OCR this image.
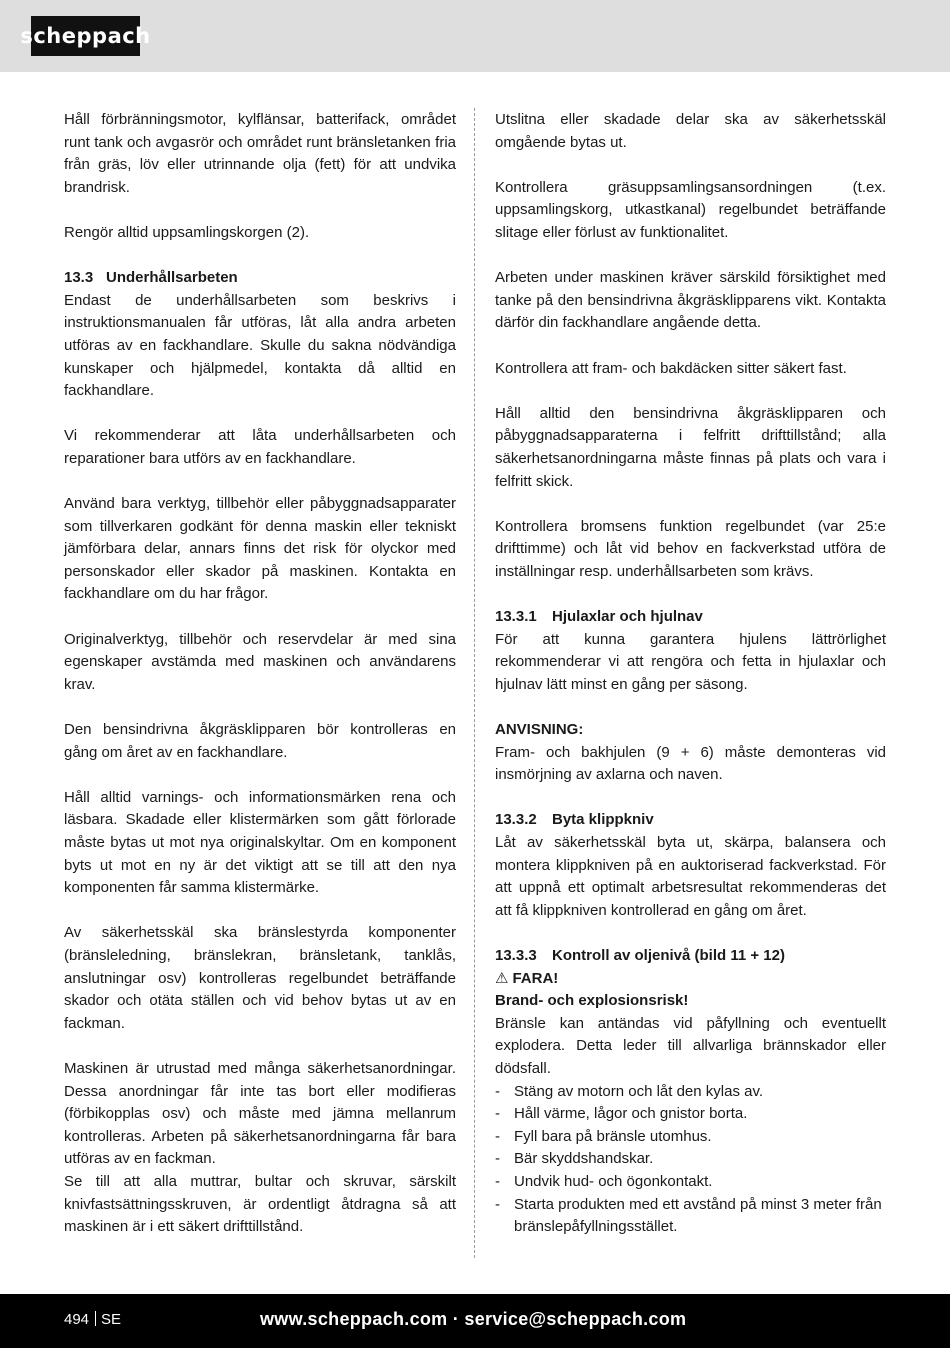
scheppach

Håll förbränningsmotor, kylflänsar, batterifack, området runt tank och avgasrör och området runt bränsletanken fria från gräs, löv eller utrinnande olja (fett) för att undvika brandrisk.

Rengör alltid uppsamlingskorgen (2).

13.3 Underhållsarbeten

Endast de underhållsarbeten som beskrivs i instruktionsmanualen får utföras, låt alla andra arbeten utföras av en fackhandlare. Skulle du sakna nödvändiga kunskaper och hjälpmedel, kontakta då alltid en fackhandlare.

Vi rekommenderar att låta underhållsarbeten och reparationer bara utförs av en fackhandlare.

Använd bara verktyg, tillbehör eller påbyggnadsapparater som tillverkaren godkänt för denna maskin eller tekniskt jämförbara delar, annars finns det risk för olyckor med personskador eller skador på maskinen. Kontakta en fackhandlare om du har frågor.

Originalverktyg, tillbehör och reservdelar är med sina egenskaper avstämda med maskinen och användarens krav.

Den bensindrivna åkgräsklipparen bör kontrolleras en gång om året av en fackhandlare.

Håll alltid varnings- och informationsmärken rena och läsbara. Skadade eller klistermärken som gått förlorade måste bytas ut mot nya originalskyltar. Om en komponent byts ut mot en ny är det viktigt att se till att den nya komponenten får samma klistermärke.

Av säkerhetsskäl ska bränslestyrda komponenter (bränsleledning, bränslekran, bränsletank, tanklås, anslutningar osv) kontrolleras regelbundet beträffande skador och otäta ställen och vid behov bytas ut av en fackman.

Maskinen är utrustad med många säkerhetsanordningar. Dessa anordningar får inte tas bort eller modifieras (förbikopplas osv) och måste med jämna mellanrum kontrolleras. Arbeten på säkerhetsanordningarna får bara utföras av en fackman.

Se till att alla muttrar, bultar och skruvar, särskilt knivfastsättningsskruven, är ordentligt åtdragna så att maskinen är i ett säkert drifttillstånd.

Utslitna eller skadade delar ska av säkerhetsskäl omgående bytas ut.

Kontrollera gräsuppsamlingsansordningen (t.ex. uppsamlingskorg, utkastkanal) regelbundet beträffande slitage eller förlust av funktionalitet.

Arbeten under maskinen kräver särskild försiktighet med tanke på den bensindrivna åkgräsklipparens vikt. Kontakta därför din fackhandlare angående detta.

Kontrollera att fram- och bakdäcken sitter säkert fast.

Håll alltid den bensindrivna åkgräsklipparen och påbyggnadsapparaterna i felfritt drifttillstånd; alla säkerhetsanordningarna måste finnas på plats och vara i felfritt skick.

Kontrollera bromsens funktion regelbundet (var 25:e drifttimme) och låt vid behov en fackverkstad utföra de inställningar resp. underhållsarbeten som krävs.

13.3.1 Hjulaxlar och hjulnav

För att kunna garantera hjulens lättrörlighet rekommenderar vi att rengöra och fetta in hjulaxlar och hjulnav lätt minst en gång per säsong.

ANVISNING:

Fram- och bakhjulen (9 + 6) måste demonteras vid insmörjning av axlarna och naven.

13.3.2 Byta klippkniv

Låt av säkerhetsskäl byta ut, skärpa, balansera och montera klippkniven på en auktoriserad fackverkstad. För att uppnå ett optimalt arbetsresultat rekommenderas det att få klippkniven kontrollerad en gång om året.

13.3.3 Kontroll av oljenivå (bild 11 + 12)
⚠ FARA!
Brand- och explosionsrisk!

Bränsle kan antändas vid påfyllning och eventuellt explodera. Detta leder till allvarliga brännskador eller dödsfall.

- Stäng av motorn och låt den kylas av.
- Håll värme, lågor och gnistor borta.
- Fyll bara på bränsle utomhus.
- Bär skyddshandskar.
- Undvik hud- och ögonkontakt.
- Starta produkten med ett avstånd på minst 3 meter från bränslepåfyllningsstället.
494 SE	www.scheppach.com · service@scheppach.com
